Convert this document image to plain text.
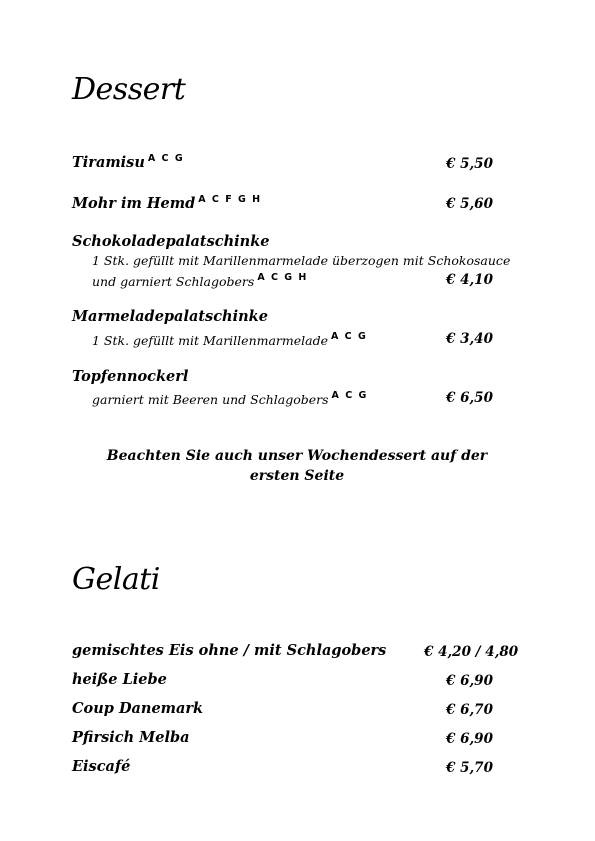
Dessert
Tiramisu $^{A C G}$	€ 5,50
Mohr im Hemd $^{A C F G H}$	€ 5,60
Schokoladepalatschinke
1 Stk. gefüllt mit Marillenmarmelade überzogen mit Schokosauce
und garniert Schlagobers $^{A C G H}$	€ 4,10
Marmeladepalatschinke
1 Stk. gefüllt mit Marillenmarmelade $^{A C G}$	€ 3,40
Topfennockerl
garniert mit Beeren und Schlagobers $^{A C G}$	€ 6,50
Beachten Sie auch unser Wochendessert auf der ersten Seite
Gelati
gemischtes Eis ohne / mit Schlagobers	€ 4,20 / 4,80
heiße Liebe	€ 6,90
Coup Danemark	€ 6,70
Pfirsich Melba	€ 6,90
Eiscafé	€ 5,70
